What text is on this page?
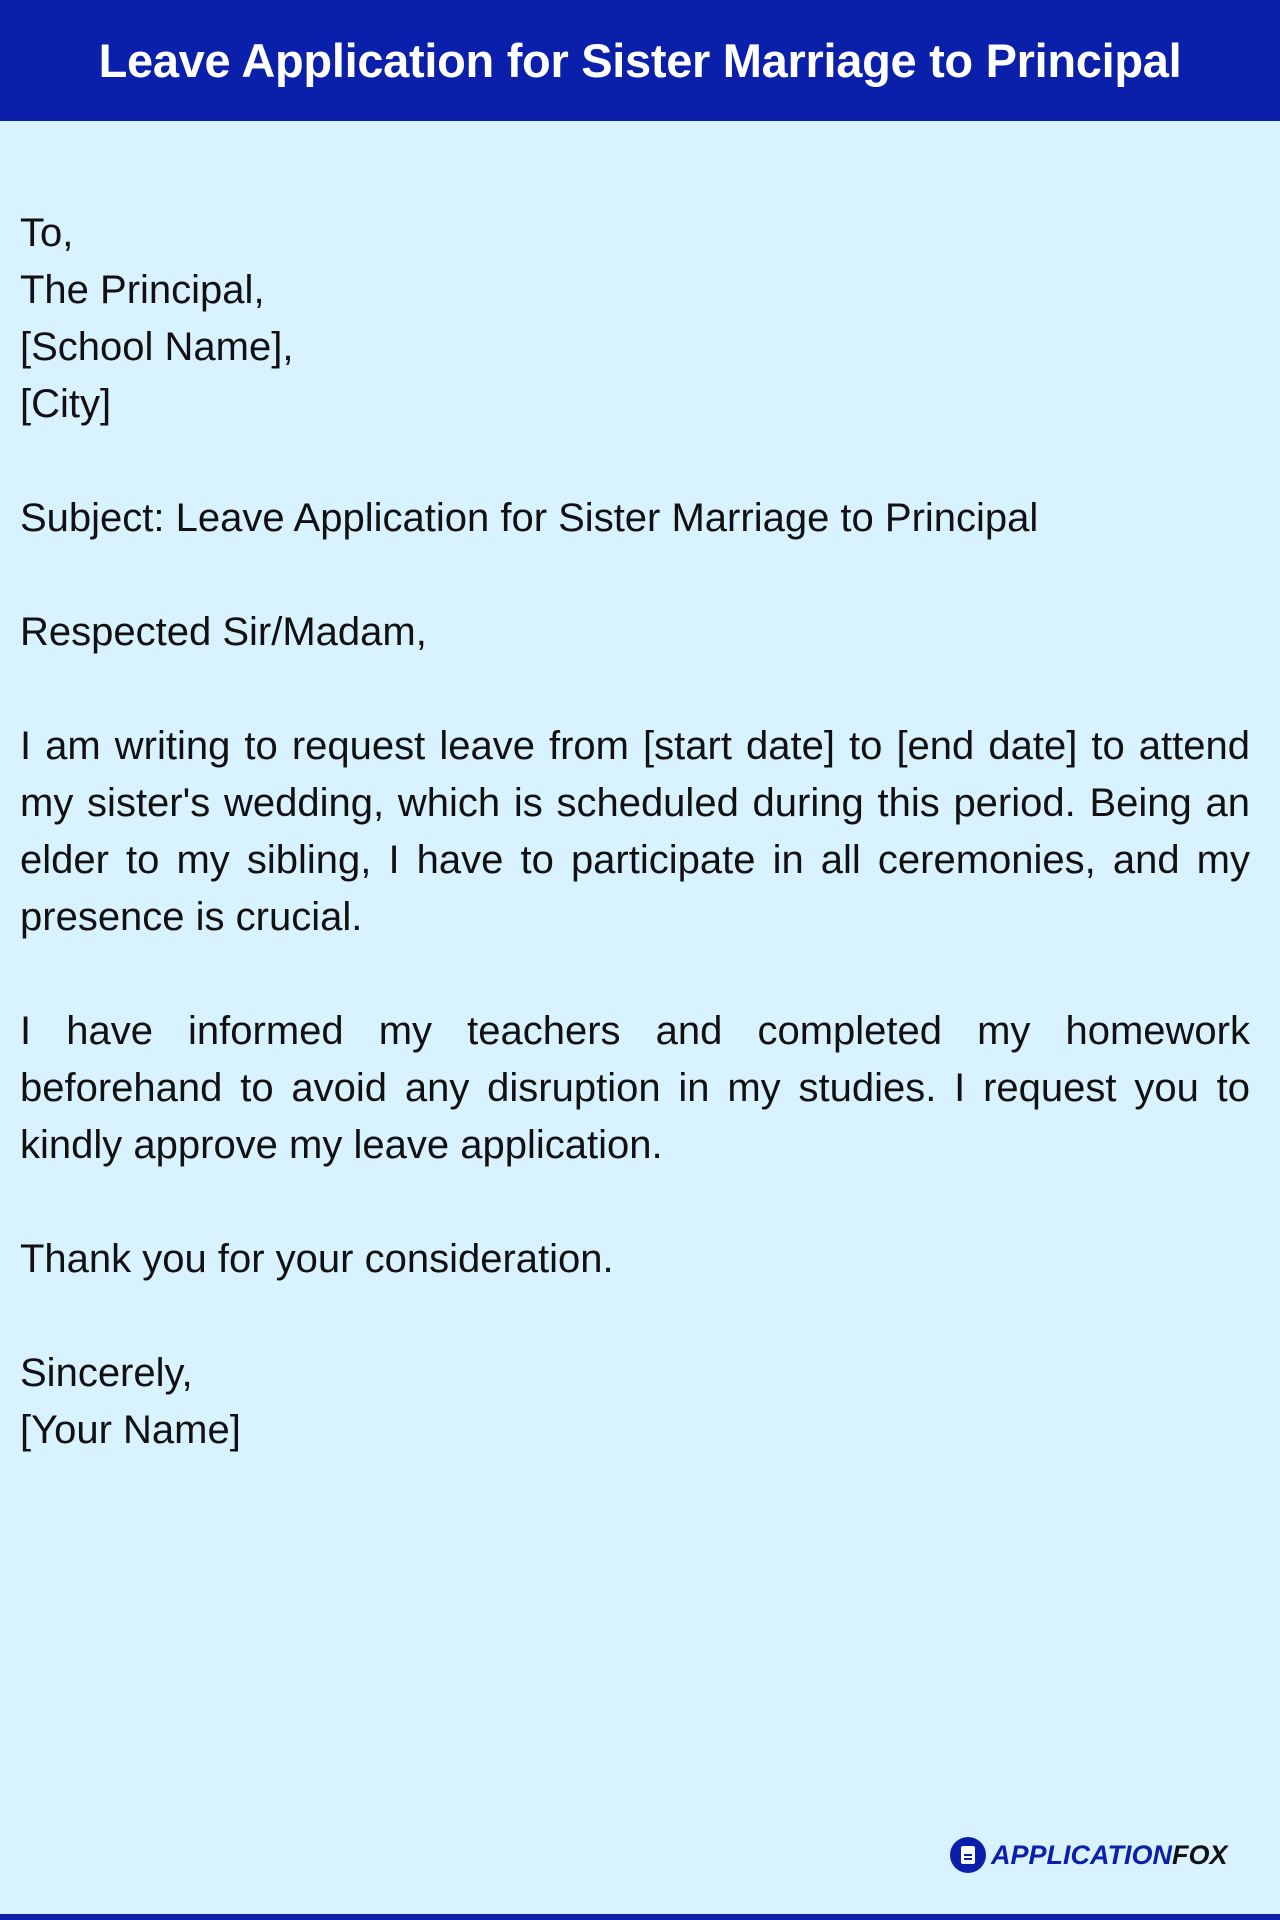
Leave Application for Sister Marriage to Principal

To,

The Principal,

[School Name],

[City]

Subject: Leave Application for Sister Marriage to Principal

Respected Sir/Madam,

I am writing to request leave from [start date] to [end date] to attend my sister's wedding, which is scheduled during this period. Being an elder to my sibling, I have to participate in all ceremonies, and my presence is crucial.

I have informed my teachers and completed my homework beforehand to avoid any disruption in my studies. I request you to kindly approve my leave application.

Thank you for your consideration.

Sincerely,

[Your Name]

APPLICATIONFOX
